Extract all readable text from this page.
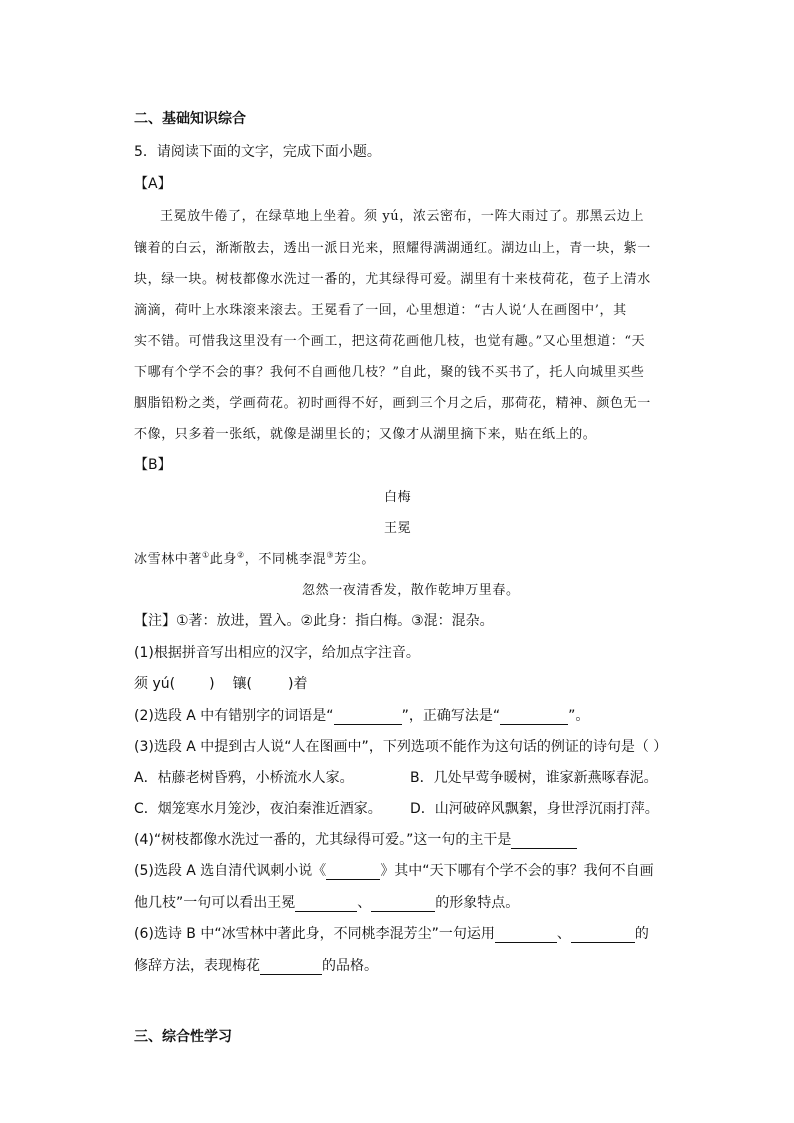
二、基础知识综合
5．请阅读下面的文字，完成下面小题。
【A】
王冕放牛倦了，在绿草地上坐着。须 yú，浓云密布，一阵大雨过了。那黑云边上
镶着的白云，渐渐散去，透出一派日光来，照耀得满湖通红。湖边山上，青一块，紫一
块，绿一块。树枝都像水洗过一番的，尤其绿得可爱。湖里有十来枝荷花，苞子上清水
滴滴，荷叶上水珠滚来滚去。王冕看了一回，心里想道：“古人说‘人在画图中’，其
实不错。可惜我这里没有一个画工，把这荷花画他几枝，也觉有趣。”又心里想道：“天
下哪有个学不会的事？我何不自画他几枝？”自此，聚的钱不买书了，托人向城里买些
胭脂铅粉之类，学画荷花。初时画得不好，画到三个月之后，那荷花，精神、颜色无一
不像，只多着一张纸，就像是湖里长的；又像才从湖里摘下来，贴在纸上的。
【B】
白梅
王冕
冰雪林中著①此身②，不同桃李混③芳尘。
忽然一夜清香发，散作乾坤万里春。
【注】①著：放进，置入。②此身：指白梅。③混：混杂。
(1)根据拼音写出相应的汉字，给加点字注音。
须 yú( ) 镶(	)着
(2)选段 A 中有错别字的词语是“	”，正确写法是“	”。
(3)选段 A 中提到古人说“人在图画中”，下列选项不能作为这句话的例证的诗句是（ ）
A．枯藤老树昏鸦，小桥流水人家。	B．几处早莺争暖树，谁家新燕啄春泥。
C．烟笼寒水月笼沙，夜泊秦淮近酒家。 D．山河破碎风飘絮，身世浮沉雨打萍。
(4)“树枝都像水洗过一番的，尤其绿得可爱。”这一句的主干是
(5)选段 A 选自清代讽刺小说《	》其中“天下哪有个学不会的事？我何不自画
他几枝”一句可以看出王冕	、	的形象特点。
(6)选诗 B 中“冰雪林中著此身，不同桃李混芳尘”一句运用	、	的
修辞方法，表现梅花	的品格。
三、综合性学习
